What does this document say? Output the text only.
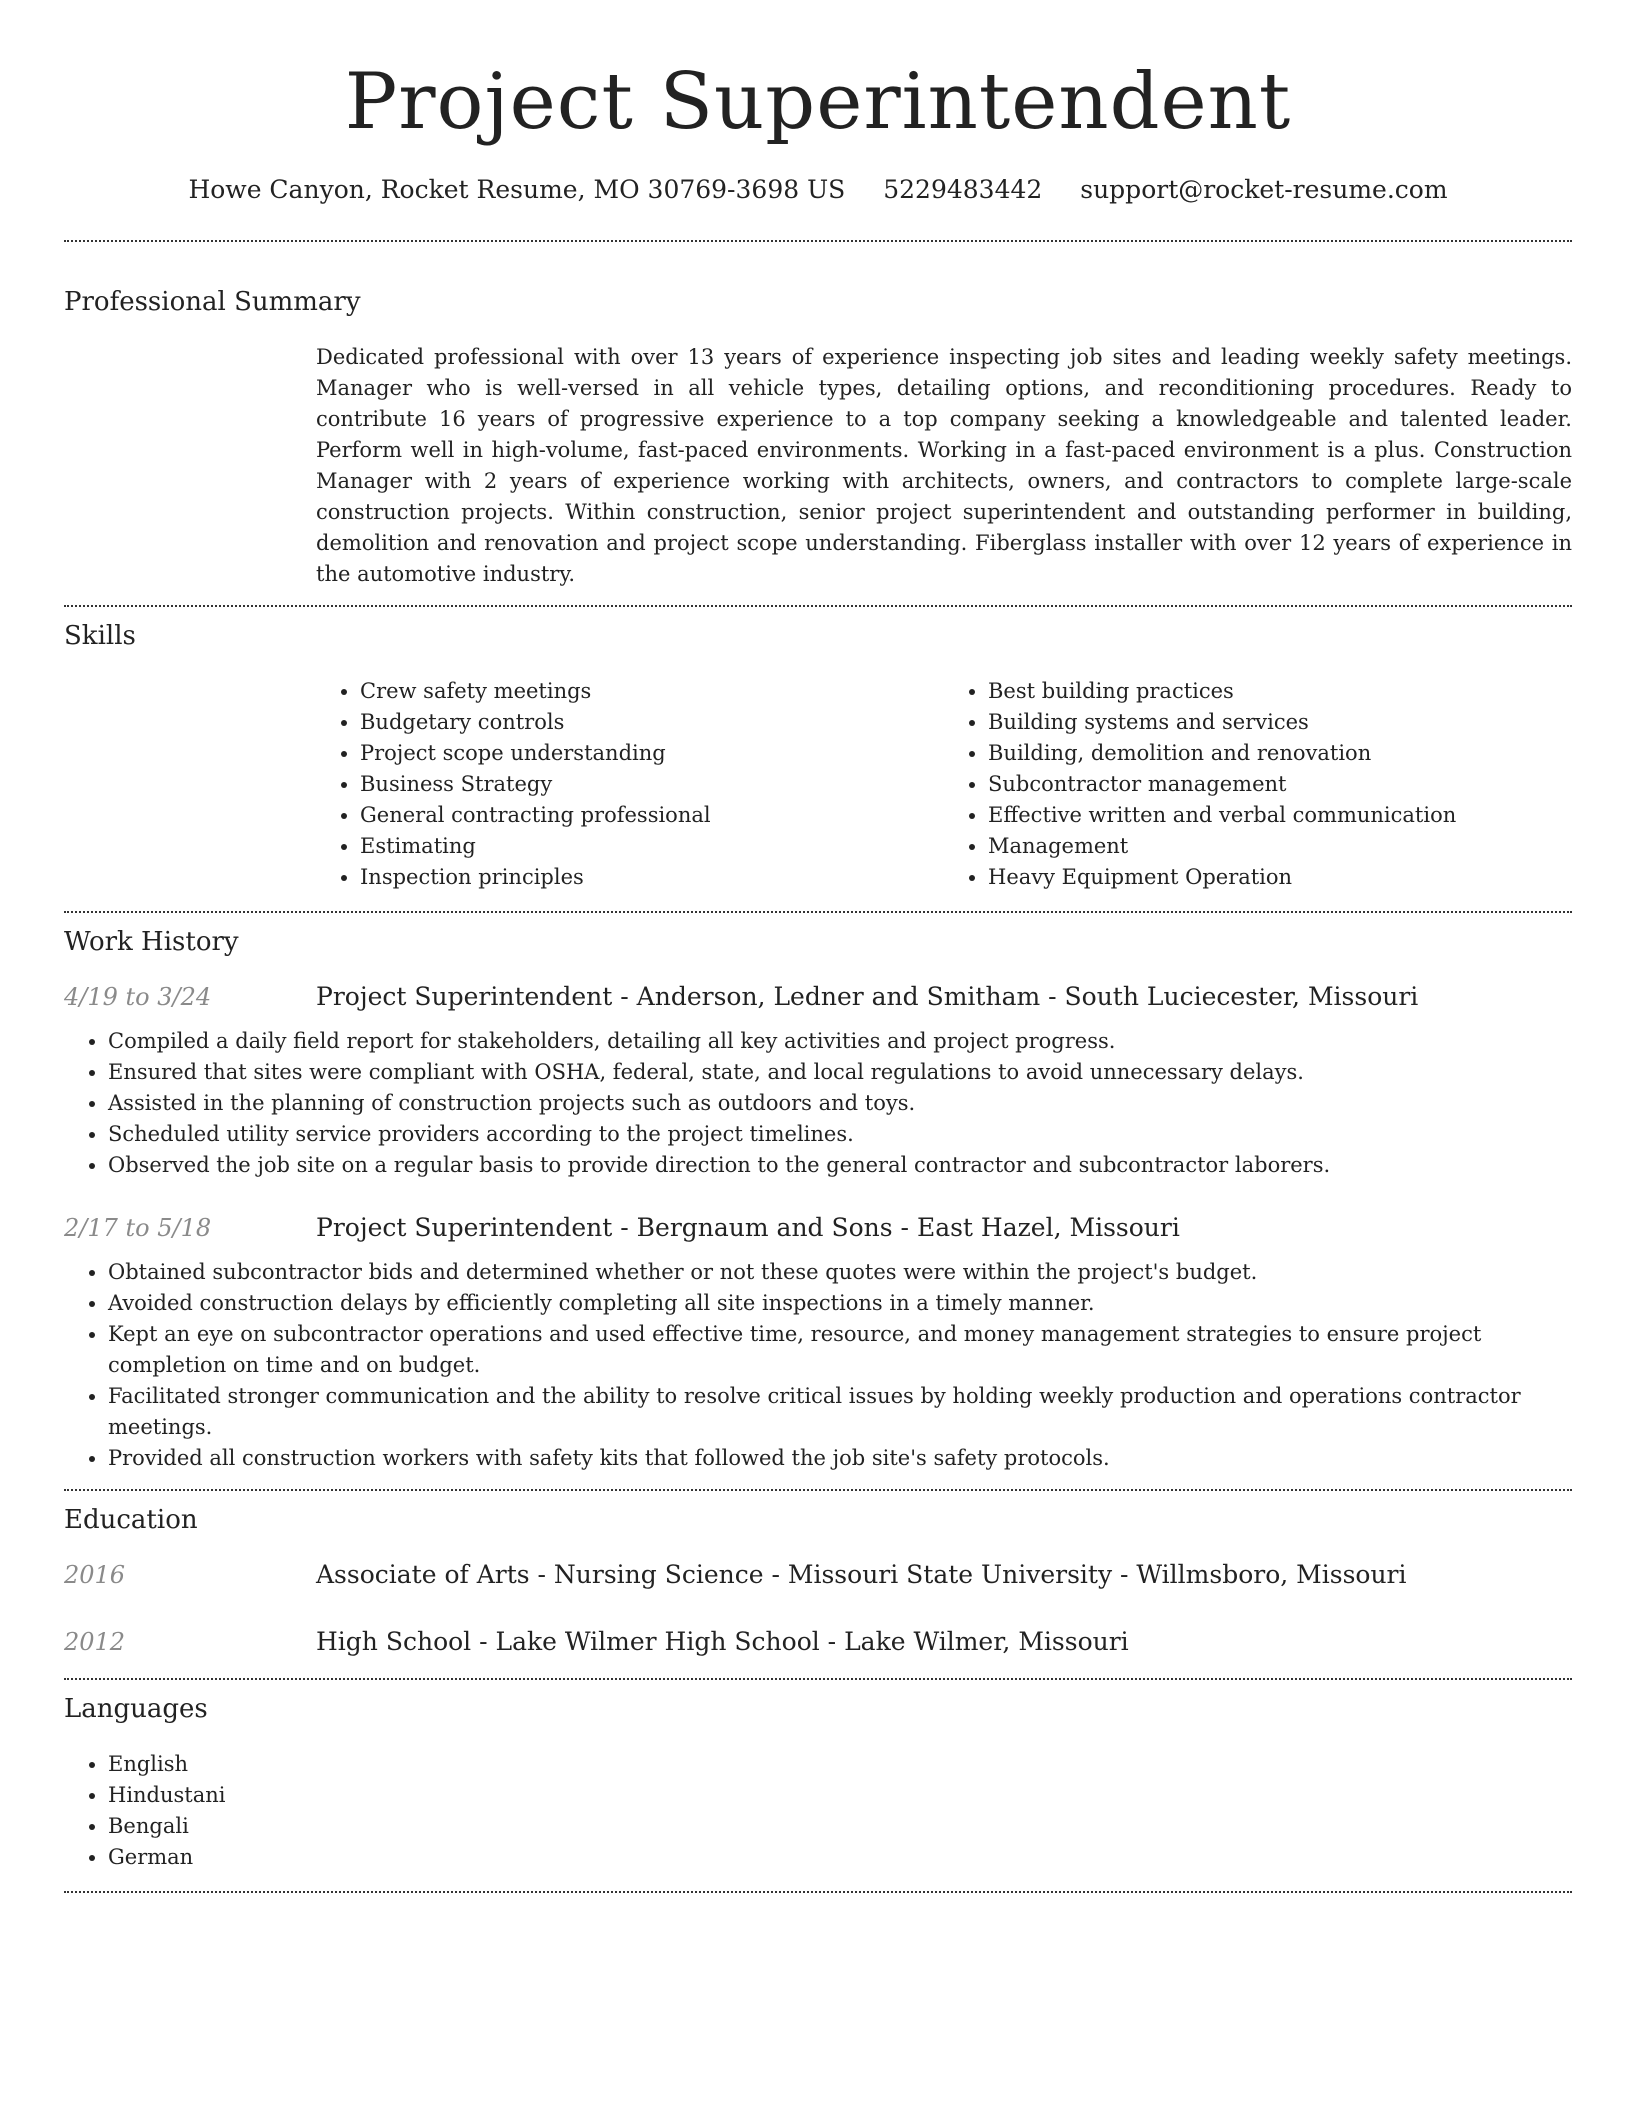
Project Superintendent
Howe Canyon, Rocket Resume, MO 30769-3698 US 5229483442 support@rocket-resume.com
Professional Summary
Dedicated professional with over 13 years of experience inspecting job sites and leading weekly safety meetings. Manager who is well-versed in all vehicle types, detailing options, and reconditioning procedures. Ready to contribute 16 years of progressive experience to a top company seeking a knowledgeable and talented leader. Perform well in high-volume, fast-paced environments. Working in a fast-paced environment is a plus. Construction Manager with 2 years of experience working with architects, owners, and contractors to complete large-scale construction projects. Within construction, senior project superintendent and outstanding performer in building, demolition and renovation and project scope understanding. Fiberglass installer with over 12 years of experience in the automotive industry.
Skills
• Crew safety meetings
• Budgetary controls
• Project scope understanding
• Business Strategy
• General contracting professional
• Estimating
• Inspection principles
• Best building practices
• Building systems and services
• Building, demolition and renovation
• Subcontractor management
• Effective written and verbal communication
• Management
• Heavy Equipment Operation
Work History
4/19 to 3/24	Project Superintendent - Anderson, Ledner and Smitham - South Luciecester, Missouri
• Compiled a daily field report for stakeholders, detailing all key activities and project progress.
• Ensured that sites were compliant with OSHA, federal, state, and local regulations to avoid unnecessary delays.
• Assisted in the planning of construction projects such as outdoors and toys.
• Scheduled utility service providers according to the project timelines.
• Observed the job site on a regular basis to provide direction to the general contractor and subcontractor laborers.
2/17 to 5/18	Project Superintendent - Bergnaum and Sons - East Hazel, Missouri
• Obtained subcontractor bids and determined whether or not these quotes were within the project's budget.
• Avoided construction delays by efficiently completing all site inspections in a timely manner.
• Kept an eye on subcontractor operations and used effective time, resource, and money management strategies to ensure project completion on time and on budget.
• Facilitated stronger communication and the ability to resolve critical issues by holding weekly production and operations contractor meetings.
• Provided all construction workers with safety kits that followed the job site's safety protocols.
Education
2016	Associate of Arts - Nursing Science - Missouri State University - Willmsboro, Missouri
2012	High School - Lake Wilmer High School - Lake Wilmer, Missouri
Languages
• English
• Hindustani
• Bengali
• German
